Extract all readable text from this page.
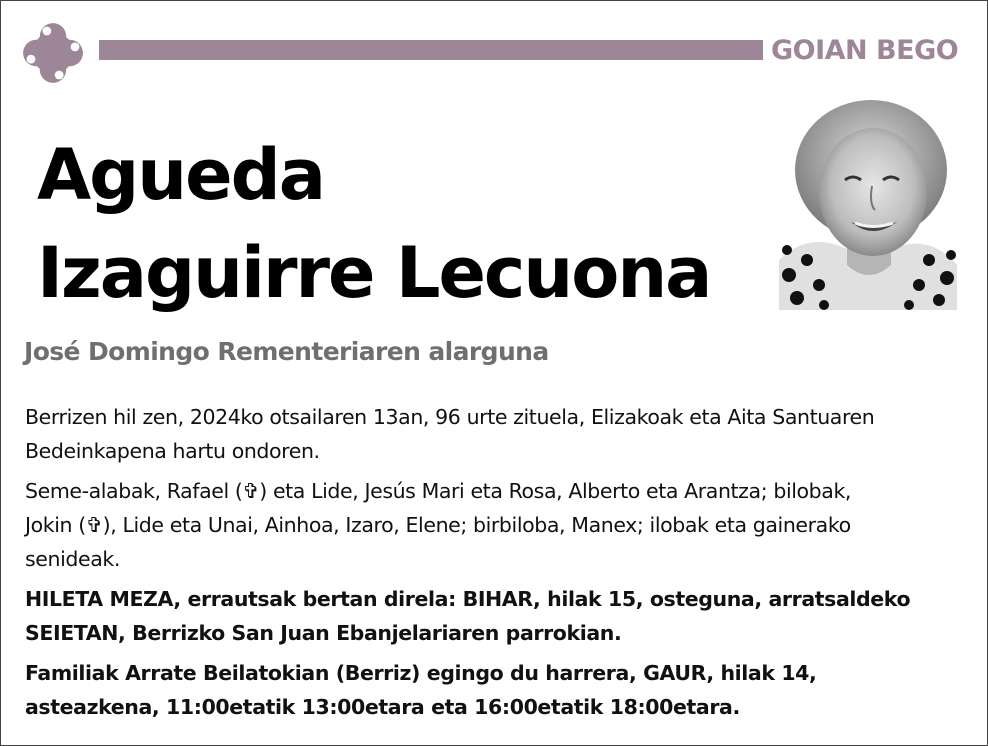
GOIAN BEGO
Agueda
Izaguirre Lecuona
José Domingo Rementeriaren alarguna

Berrizen hil zen, 2024ko otsailaren 13an, 96 urte zituela, Elizakoak eta Aita Santuaren
Bedeinkapena hartu ondoren.

Seme-alabak, Rafael (✞) eta Lide, Jesús Mari eta Rosa, Alberto eta Arantza; bilobak,
Jokin (✞), Lide eta Unai, Ainhoa, Izaro, Elene; birbiloba, Manex; ilobak eta gainerako
senideak.

HILETA MEZA, errautsak bertan direla: BIHAR, hilak 15, osteguna, arratsaldeko
SEIETAN, Berrizko San Juan Ebanjelariaren parrokian.

Familiak Arrate Beilatokian (Berriz) egingo du harrera, GAUR, hilak 14,
asteazkena, 11:00etatik 13:00etara eta 16:00etatik 18:00etara.
